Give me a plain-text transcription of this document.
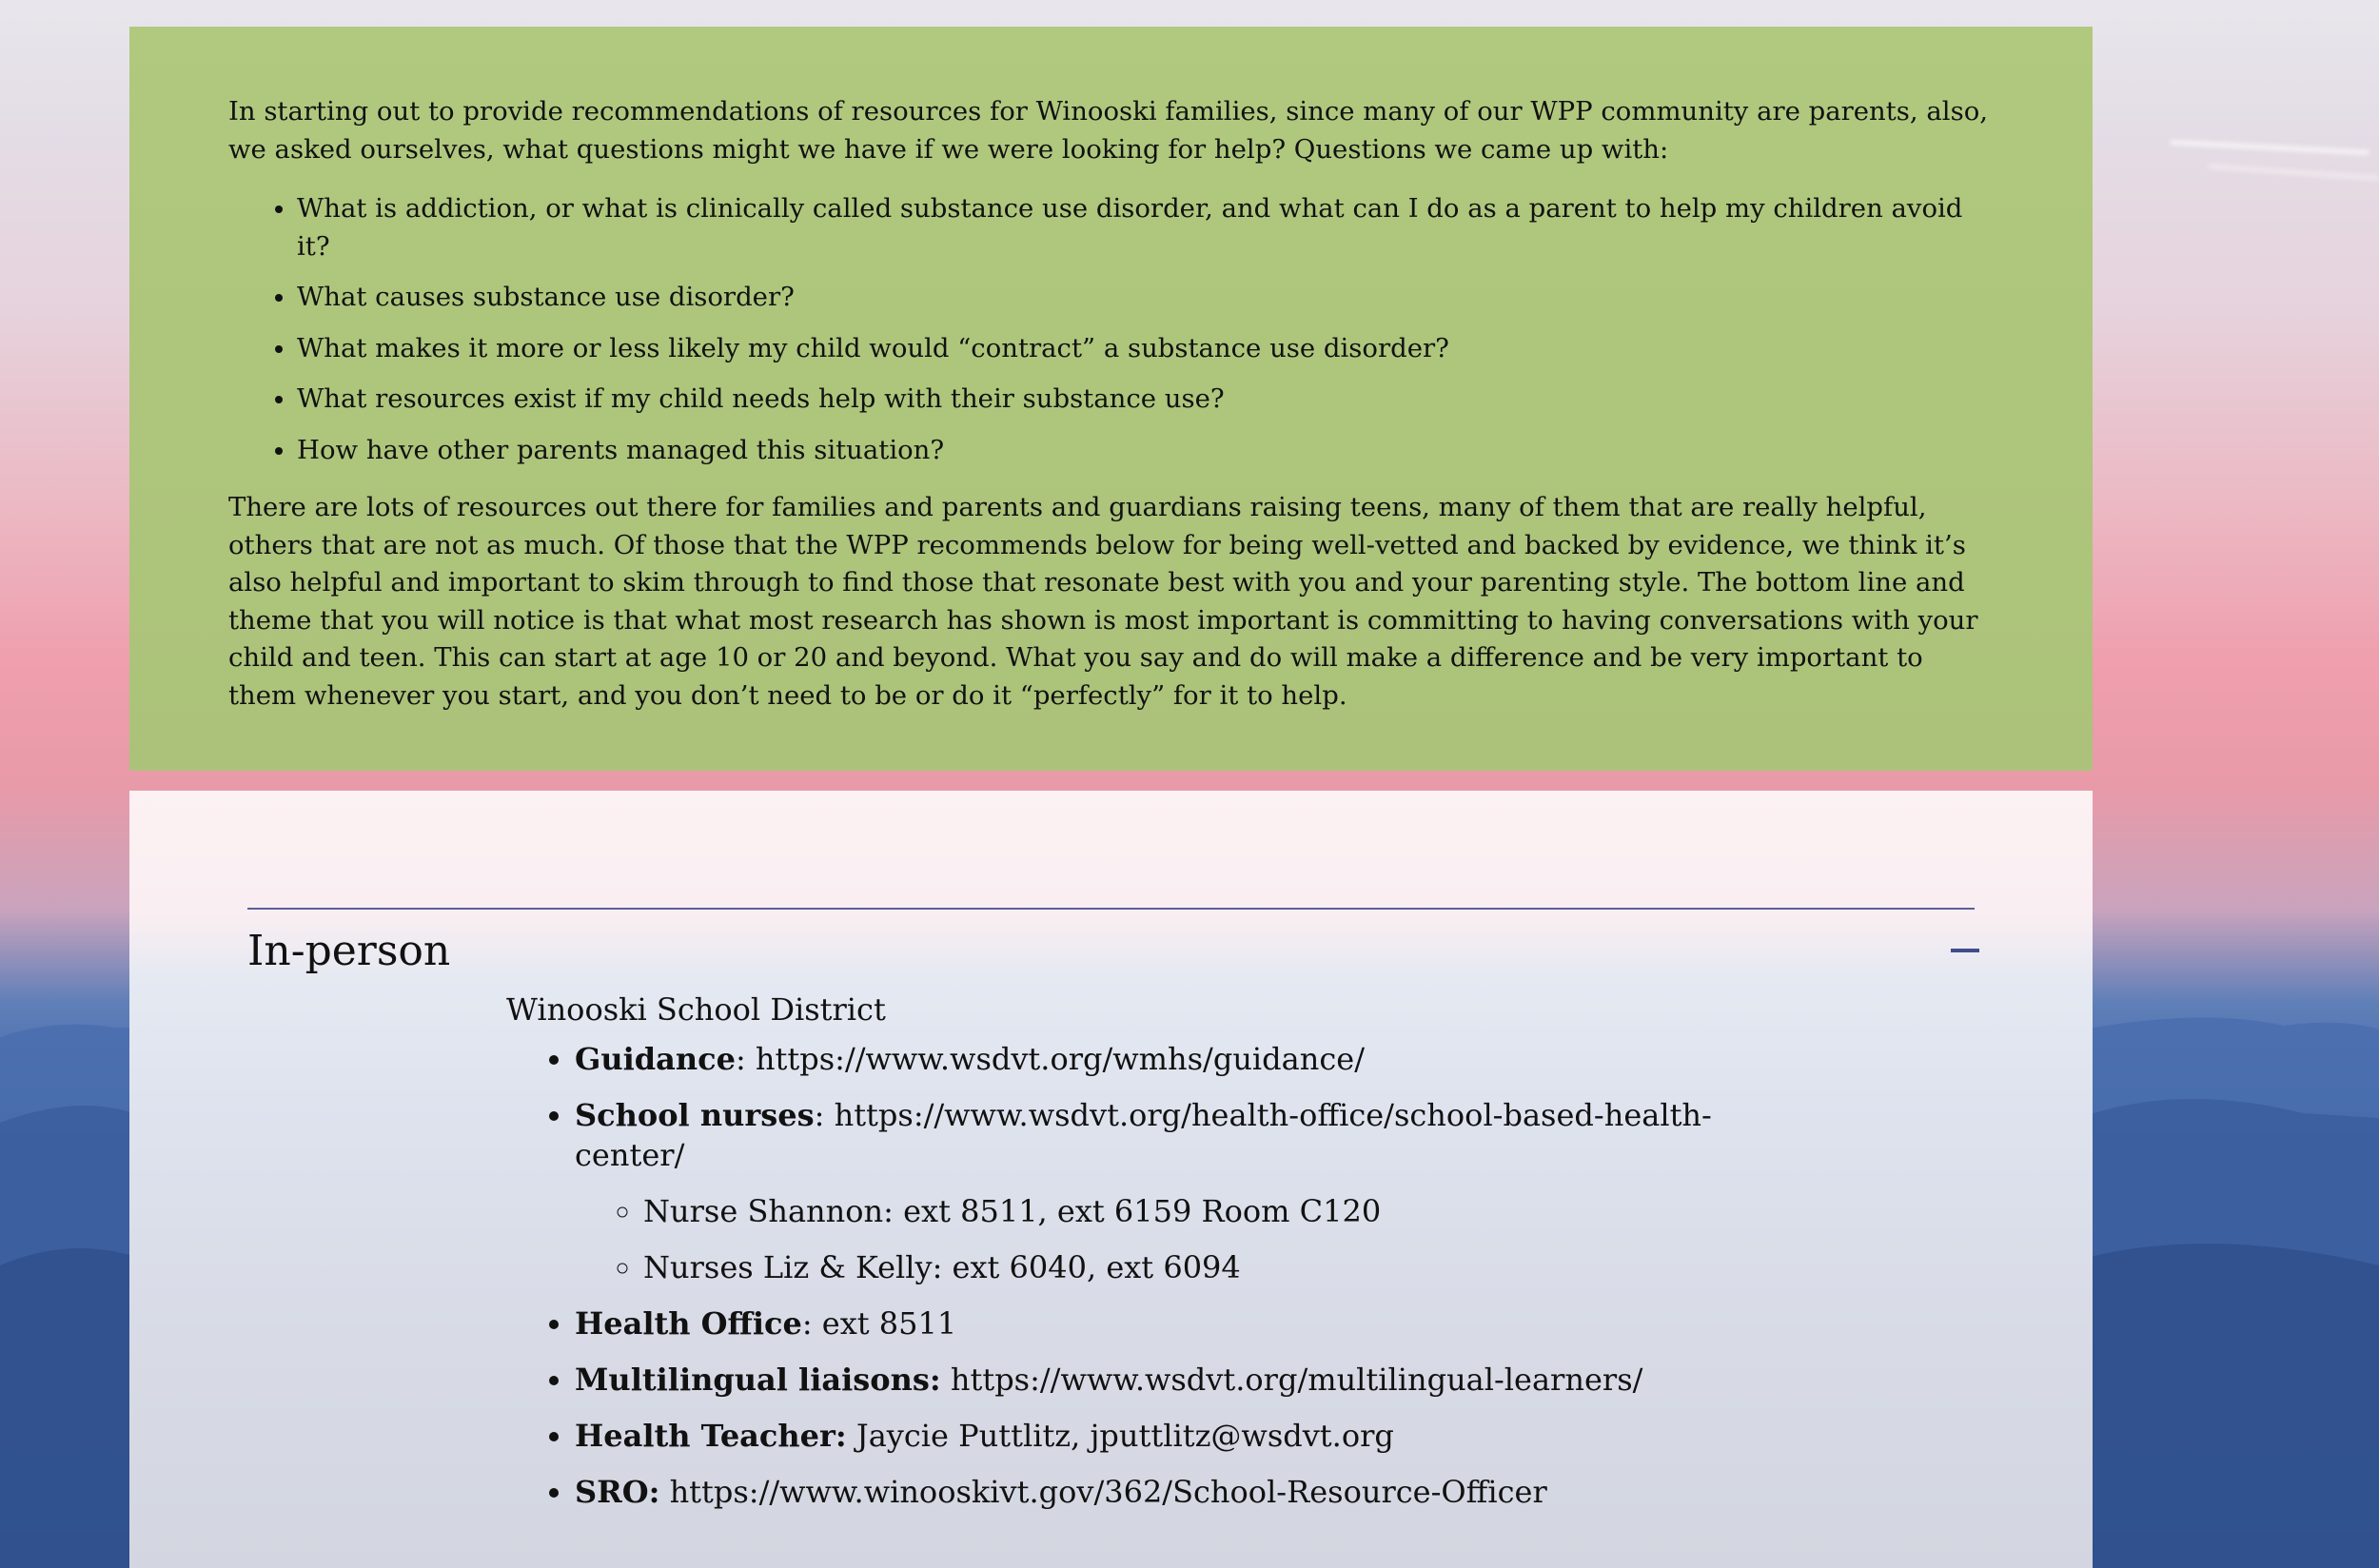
In starting out to provide recommendations of resources for Winooski families, since many of our WPP community are parents, also, we asked ourselves, what questions might we have if we were looking for help? Questions we came up with:

• What is addiction, or what is clinically called substance use disorder, and what can I do as a parent to help my children avoid it?
• What causes substance use disorder?
• What makes it more or less likely my child would “contract” a substance use disorder?
• What resources exist if my child needs help with their substance use?
• How have other parents managed this situation?

There are lots of resources out there for families and parents and guardians raising teens, many of them that are really helpful, others that are not as much. Of those that the WPP recommends below for being well-vetted and backed by evidence, we think it’s also helpful and important to skim through to find those that resonate best with you and your parenting style. The bottom line and theme that you will notice is that what most research has shown is most important is committing to having conversations with your child and teen. This can start at age 10 or 20 and beyond. What you say and do will make a difference and be very important to them whenever you start, and you don’t need to be or do it “perfectly” for it to help.

In-person

Winooski School District

• Guidance: https://www.wsdvt.org/wmhs/guidance/
• School nurses: https://www.wsdvt.org/health-office/school-based-health-center/
◦ Nurse Shannon: ext 8511, ext 6159 Room C120
◦ Nurses Liz & Kelly: ext 6040, ext 6094
• Health Office: ext 8511
• Multilingual liaisons: https://www.wsdvt.org/multilingual-learners/
• Health Teacher: Jaycie Puttlitz, jputtlitz@wsdvt.org
• SRO: https://www.winooskivt.gov/362/School-Resource-Officer
